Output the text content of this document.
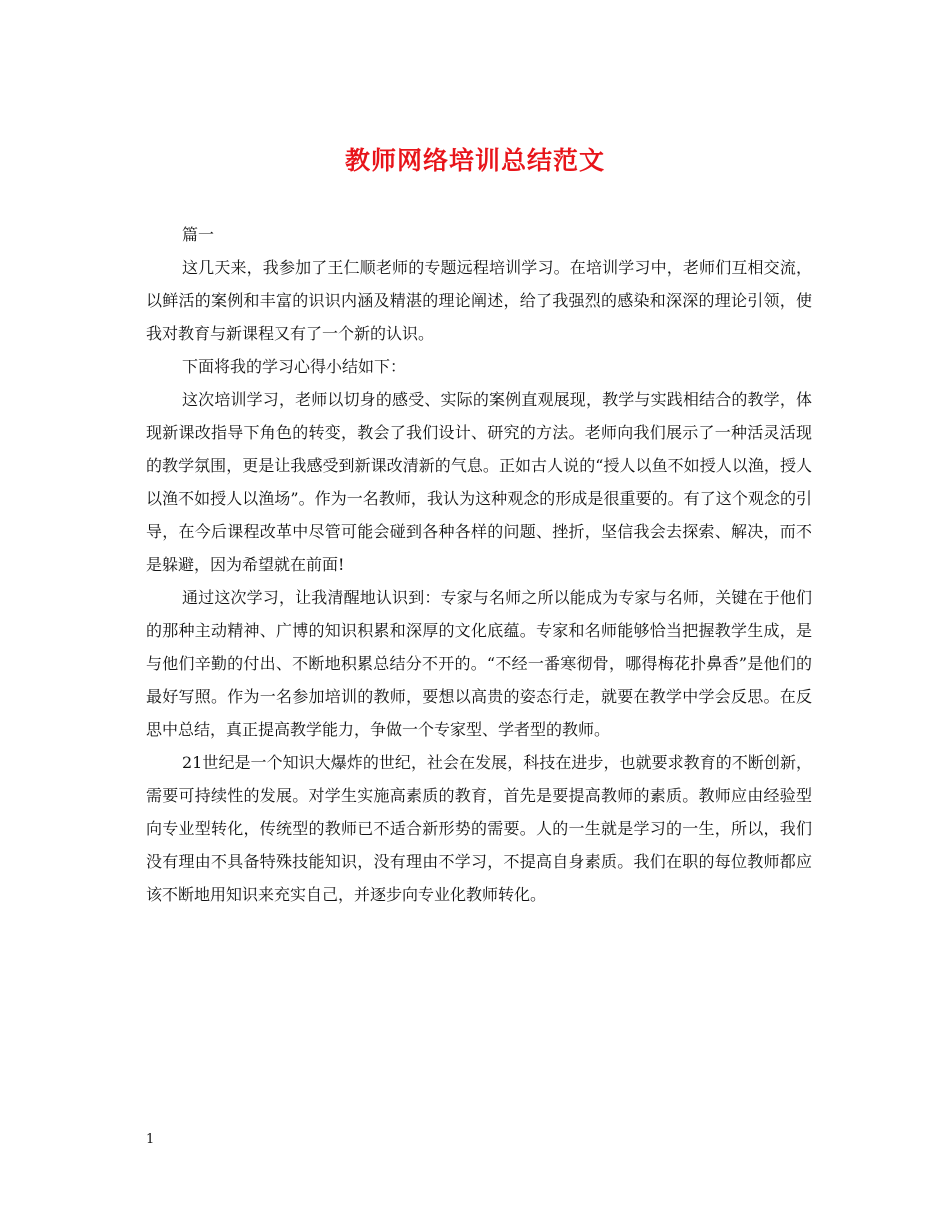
教师网络培训总结范文

篇一

这几天来，我参加了王仁顺老师的专题远程培训学习。在培训学习中，老师们互相交流，以鲜活的案例和丰富的识识内涵及精湛的理论阐述，给了我强烈的感染和深深的理论引领，使我对教育与新课程又有了一个新的认识。

下面将我的学习心得小结如下：

这次培训学习，老师以切身的感受、实际的案例直观展现，教学与实践相结合的教学，体现新课改指导下角色的转变，教会了我们设计、研究的方法。老师向我们展示了一种活灵活现的教学氛围，更是让我感受到新课改清新的气息。正如古人说的“授人以鱼不如授人以渔，授人以渔不如授人以渔场”。作为一名教师，我认为这种观念的形成是很重要的。有了这个观念的引导，在今后课程改革中尽管可能会碰到各种各样的问题、挫折，坚信我会去探索、解决，而不是躲避，因为希望就在前面!

通过这次学习，让我清醒地认识到：专家与名师之所以能成为专家与名师，关键在于他们的那种主动精神、广博的知识积累和深厚的文化底蕴。专家和名师能够恰当把握教学生成，是与他们辛勤的付出、不断地积累总结分不开的。“不经一番寒彻骨，哪得梅花扑鼻香”是他们的最好写照。作为一名参加培训的教师，要想以高贵的姿态行走，就要在教学中学会反思。在反思中总结，真正提高教学能力，争做一个专家型、学者型的教师。

21世纪是一个知识大爆炸的世纪，社会在发展，科技在进步，也就要求教育的不断创新，需要可持续性的发展。对学生实施高素质的教育，首先是要提高教师的素质。教师应由经验型向专业型转化，传统型的教师已不适合新形势的需要。人的一生就是学习的一生，所以，我们没有理由不具备特殊技能知识，没有理由不学习，不提高自身素质。我们在职的每位教师都应该不断地用知识来充实自己，并逐步向专业化教师转化。

1
